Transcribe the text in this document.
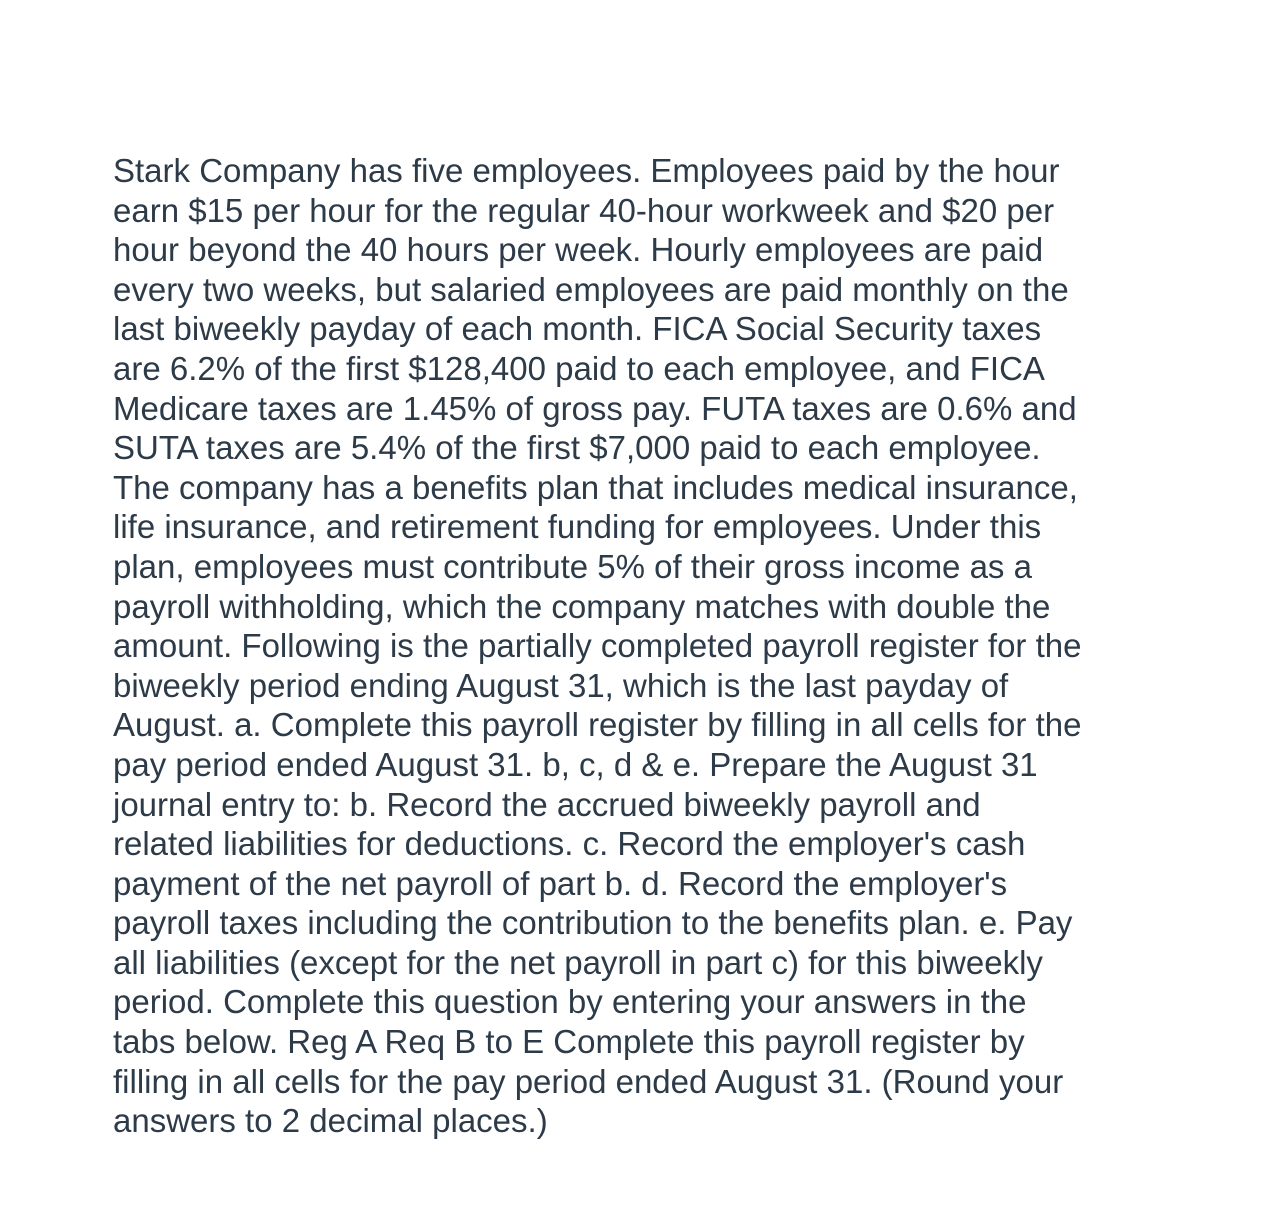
Stark Company has five employees. Employees paid by the hour earn $15 per hour for the regular 40-hour workweek and $20 per hour beyond the 40 hours per week. Hourly employees are paid every two weeks, but salaried employees are paid monthly on the last biweekly payday of each month. FICA Social Security taxes are 6.2% of the first $128,400 paid to each employee, and FICA Medicare taxes are 1.45% of gross pay. FUTA taxes are 0.6% and SUTA taxes are 5.4% of the first $7,000 paid to each employee. The company has a benefits plan that includes medical insurance, life insurance, and retirement funding for employees. Under this plan, employees must contribute 5% of their gross income as a payroll withholding, which the company matches with double the amount. Following is the partially completed payroll register for the biweekly period ending August 31, which is the last payday of August. a. Complete this payroll register by filling in all cells for the pay period ended August 31. b, c, d & e. Prepare the August 31 journal entry to: b. Record the accrued biweekly payroll and related liabilities for deductions. c. Record the employer's cash payment of the net payroll of part b. d. Record the employer's payroll taxes including the contribution to the benefits plan. e. Pay all liabilities (except for the net payroll in part c) for this biweekly period. Complete this question by entering your answers in the tabs below. Reg A Req B to E Complete this payroll register by filling in all cells for the pay period ended August 31. (Round your answers to 2 decimal places.)
